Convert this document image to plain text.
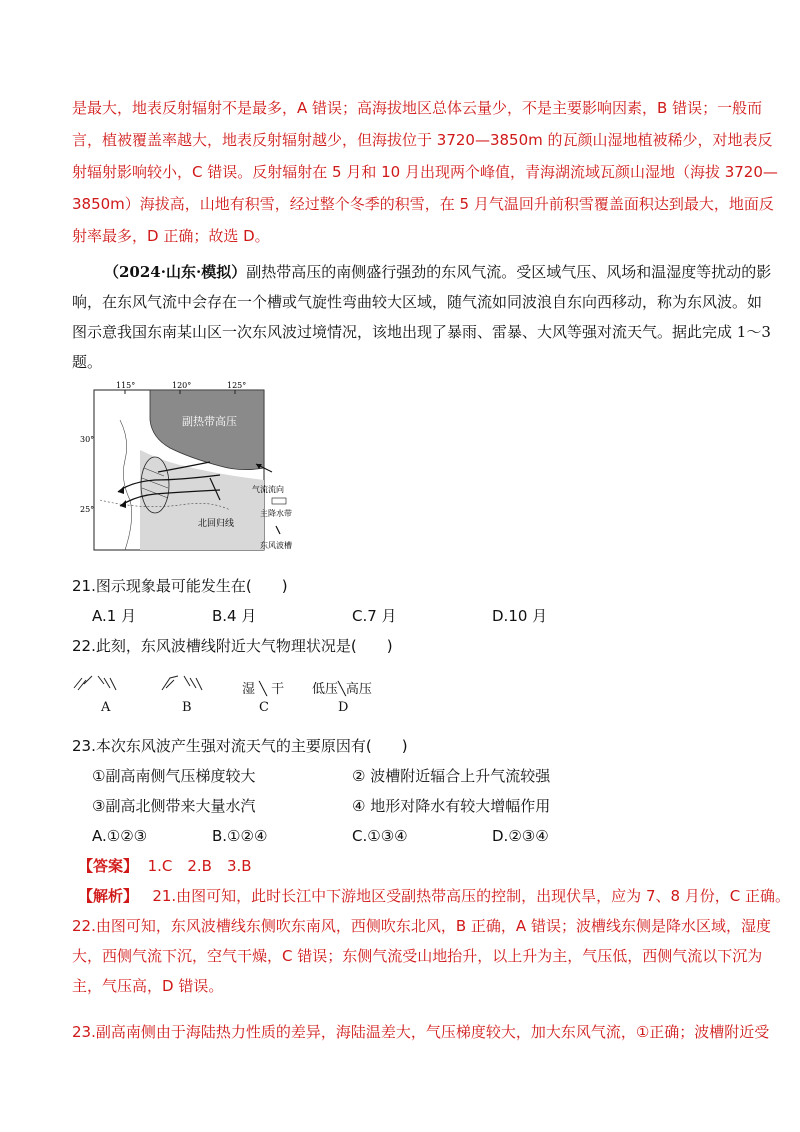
是最大，地表反射辐射不是最多，A 错误；高海拔地区总体云量少，不是主要影响因素，B 错误；一般而
言，植被覆盖率越大，地表反射辐射越少，但海拔位于 3720—3850m 的瓦颜山湿地植被稀少，对地表反
射辐射影响较小，C 错误。反射辐射在 5 月和 10 月出现两个峰值，青海湖流域瓦颜山湿地（海拔 3720—
3850m）海拔高，山地有积雪，经过整个冬季的积雪，在 5 月气温回升前积雪覆盖面积达到最大，地面反
射率最多，D 正确；故选 D。
（2024·山东·模拟）副热带高压的南侧盛行强劲的东风气流。受区域气压、风场和温湿度等扰动的影
响，在东风气流中会存在一个槽或气旋性弯曲较大区域，随气流如同波浪自东向西移动，称为东风波。如
图示意我国东南某山区一次东风波过境情况，该地出现了暴雨、雷暴、大风等强对流天气。据此完成 1～3
题。
副热带高压
115°	120°	125°
30°
25°
北回归线
气流流向
主降水带
东风波槽
21.图示现象最可能发生在(　　)
A.1 月	B.4 月	C.7 月	D.10 月
22.此刻，东风波槽线附近大气物理状况是(　　)
A	B
湿 ╲ 干
C
低压╲高压
D
23.本次东风波产生强对流天气的主要原因有(　　)
①副高南侧气压梯度较大	② 波槽附近辐合上升气流较强
③副高北侧带来大量水汽	④ 地形对降水有较大增幅作用
A.①②③	B.①②④	C.①③④	D.②③④
【答案】 1.C　2.B　3.B
【解析】 21.由图可知，此时长江中下游地区受副热带高压的控制，出现伏旱，应为 7、8 月份，C 正确。
22.由图可知，东风波槽线东侧吹东南风，西侧吹东北风，B 正确，A 错误；波槽线东侧是降水区域，湿度
大，西侧气流下沉，空气干燥，C 错误；东侧气流受山地抬升，以上升为主，气压低，西侧气流以下沉为
主，气压高，D 错误。
23.副高南侧由于海陆热力性质的差异，海陆温差大，气压梯度较大，加大东风气流，①正确；波槽附近受
